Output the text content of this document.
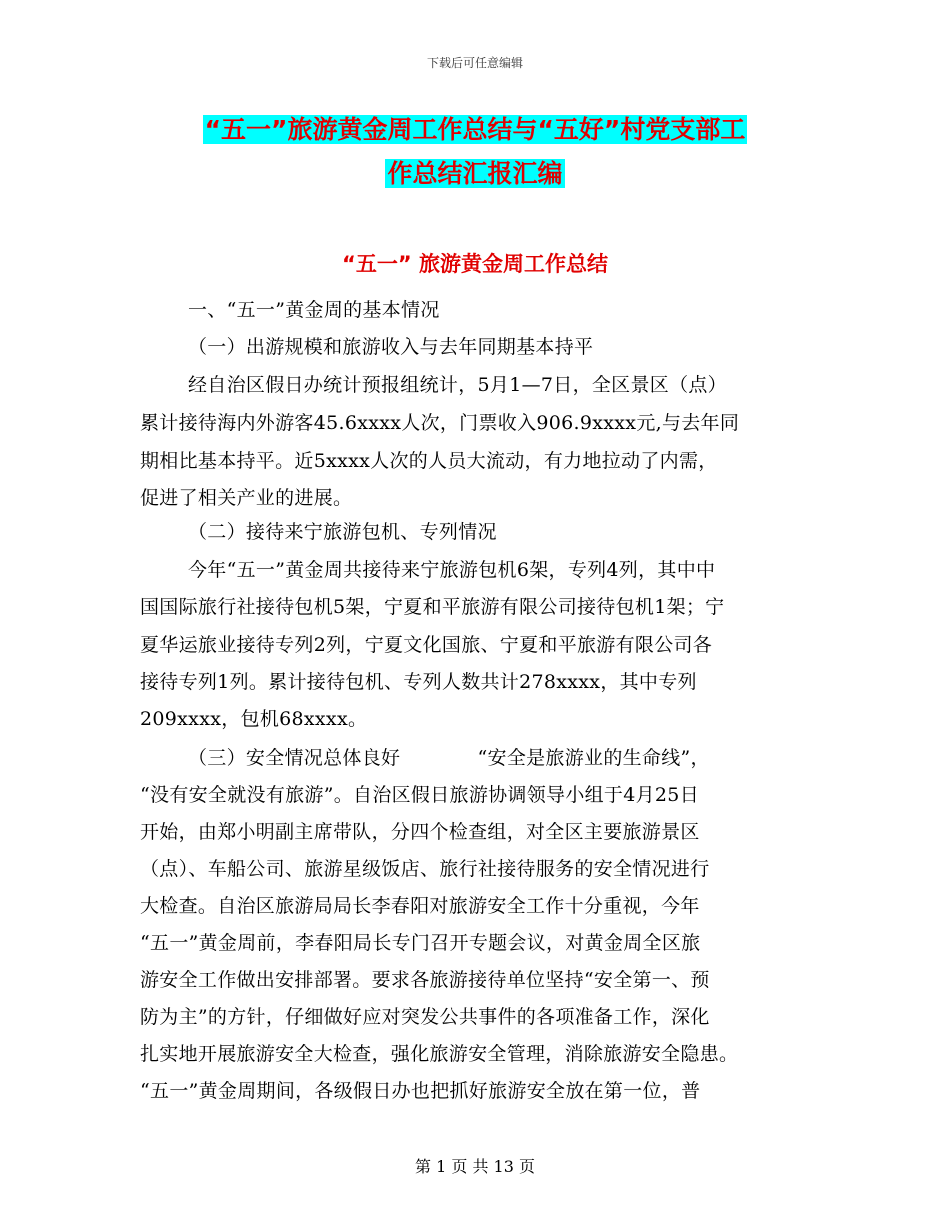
下载后可任意编辑
“五一”旅游黄金周工作总结与“五好”村党支部工
作总结汇报汇编
“五一” 旅游黄金周工作总结
一、“五一”黄金周的基本情况
（一）出游规模和旅游收入与去年同期基本持平
经自治区假日办统计预报组统计，5月1—7日，全区景区（点）
累计接待海内外游客45.6xxxx人次，门票收入906.9xxxx元,与去年同
期相比基本持平。近5xxxx人次的人员大流动，有力地拉动了内需，
促进了相关产业的进展。
（二）接待来宁旅游包机、专列情况
今年“五一”黄金周共接待来宁旅游包机6架，专列4列，其中中
国国际旅行社接待包机5架，宁夏和平旅游有限公司接待包机1架；宁
夏华运旅业接待专列2列，宁夏文化国旅、宁夏和平旅游有限公司各
接待专列1列。累计接待包机、专列人数共计278xxxx，其中专列
209xxxx，包机68xxxx。
（三）安全情况总体良好　　　　“安全是旅游业的生命线”，
“没有安全就没有旅游”。自治区假日旅游协调领导小组于4月25日
开始，由郑小明副主席带队，分四个检查组，对全区主要旅游景区
（点）、车船公司、旅游星级饭店、旅行社接待服务的安全情况进行
大检查。自治区旅游局局长李春阳对旅游安全工作十分重视，今年
“五一”黄金周前，李春阳局长专门召开专题会议，对黄金周全区旅
游安全工作做出安排部署。要求各旅游接待单位坚持“安全第一、预
防为主”的方针，仔细做好应对突发公共事件的各项准备工作，深化
扎实地开展旅游安全大检查，强化旅游安全管理，消除旅游安全隐患。
“五一”黄金周期间，各级假日办也把抓好旅游安全放在第一位，普
第 1 页 共 13 页
